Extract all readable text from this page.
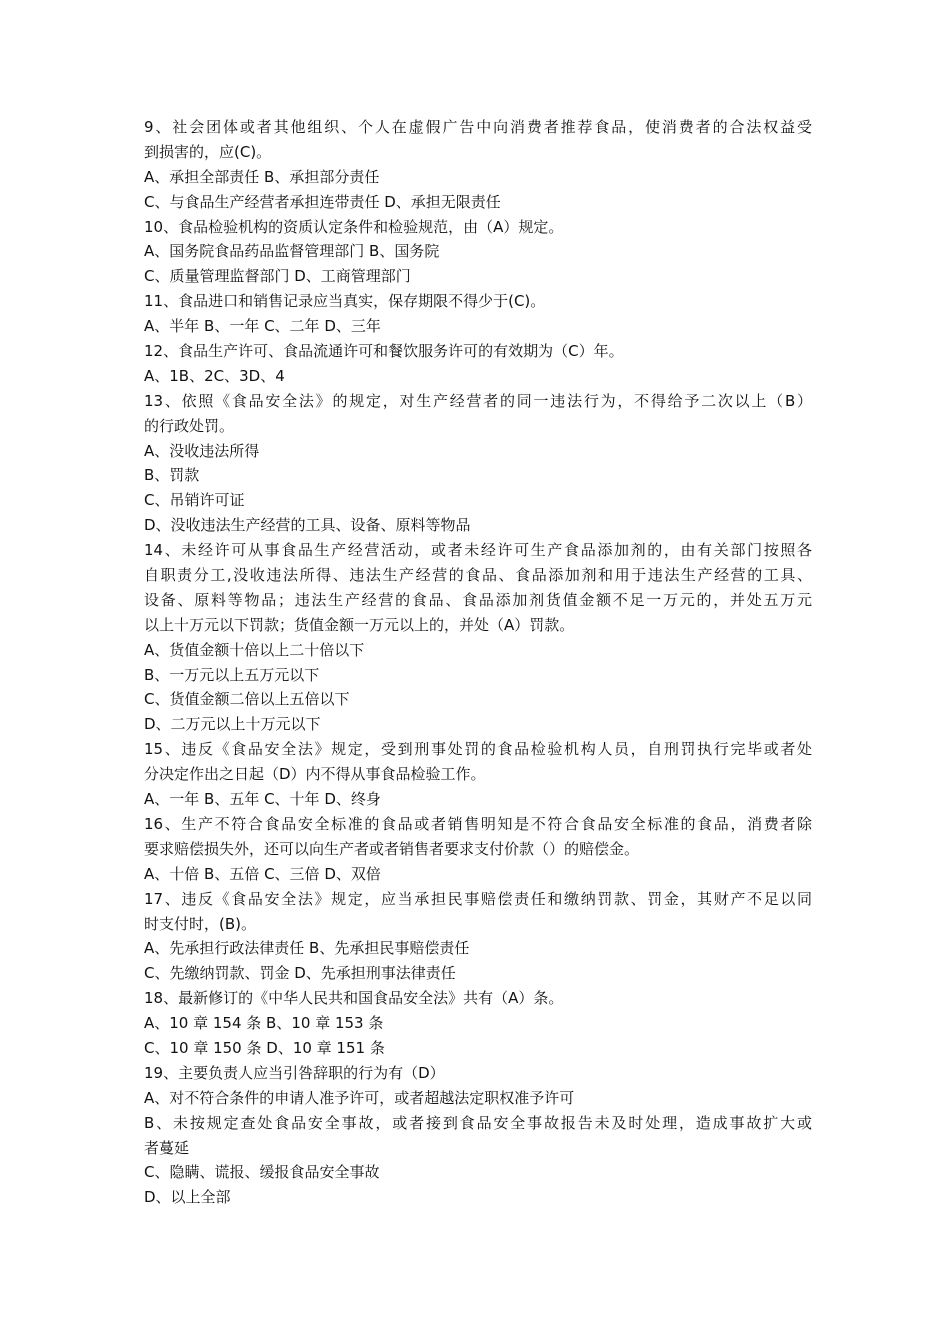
9、社会团体或者其他组织、个人在虚假广告中向消费者推荐食品，使消费者的合法权益受
到损害的，应(C)。
A、承担全部责任 B、承担部分责任
C、与食品生产经营者承担连带责任 D、承担无限责任
10、食品检验机构的资质认定条件和检验规范，由（A）规定。
A、国务院食品药品监督管理部门 B、国务院
C、质量管理监督部门 D、工商管理部门
11、食品进口和销售记录应当真实，保存期限不得少于(C)。
A、半年 B、一年 C、二年 D、三年
12、食品生产许可、食品流通许可和餐饮服务许可的有效期为（C）年。
A、1B、2C、3D、4
13、依照《食品安全法》的规定，对生产经营者的同一违法行为，不得给予二次以上（B）
的行政处罚。
A、没收违法所得
B、罚款
C、吊销许可证
D、没收违法生产经营的工具、设备、原料等物品
14、未经许可从事食品生产经营活动，或者未经许可生产食品添加剂的，由有关部门按照各
自职责分工,没收违法所得、违法生产经营的食品、食品添加剂和用于违法生产经营的工具、
设备、原料等物品；违法生产经营的食品、食品添加剂货值金额不足一万元的，并处五万元
以上十万元以下罚款；货值金额一万元以上的，并处（A）罚款。
A、货值金额十倍以上二十倍以下
B、一万元以上五万元以下
C、货值金额二倍以上五倍以下
D、二万元以上十万元以下
15、违反《食品安全法》规定，受到刑事处罚的食品检验机构人员，自刑罚执行完毕或者处
分决定作出之日起（D）内不得从事食品检验工作。
A、一年 B、五年 C、十年 D、终身
16、生产不符合食品安全标准的食品或者销售明知是不符合食品安全标准的食品，消费者除
要求赔偿损失外，还可以向生产者或者销售者要求支付价款（）的赔偿金。
A、十倍 B、五倍 C、三倍 D、双倍
17、违反《食品安全法》规定，应当承担民事赔偿责任和缴纳罚款、罚金，其财产不足以同
时支付时，(B)。
A、先承担行政法律责任 B、先承担民事赔偿责任
C、先缴纳罚款、罚金 D、先承担刑事法律责任
18、最新修订的《中华人民共和国食品安全法》共有（A）条。
A、10 章 154 条 B、10 章 153 条
C、10 章 150 条 D、10 章 151 条
19、主要负责人应当引咎辞职的行为有（D）
A、对不符合条件的申请人准予许可，或者超越法定职权准予许可
B、未按规定查处食品安全事故，或者接到食品安全事故报告未及时处理，造成事故扩大或
者蔓延
C、隐瞒、谎报、缓报食品安全事故
D、以上全部
